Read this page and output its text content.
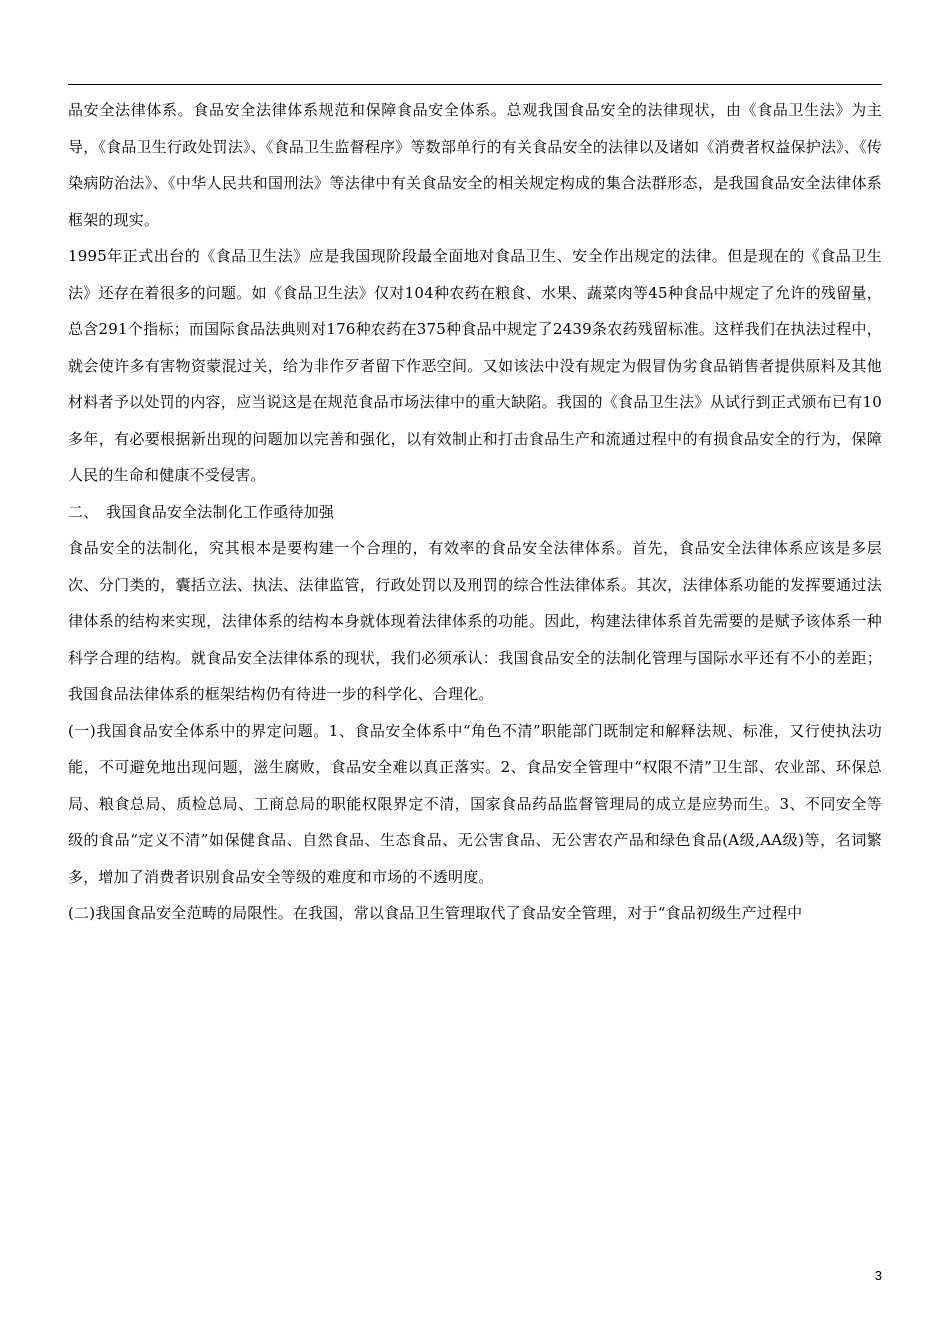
品安全法律体系。食品安全法律体系规范和保障食品安全体系。总观我国食品安全的法律现状，由《食品卫生法》为主导，《食品卫生行政处罚法》、《食品卫生监督程序》等数部单行的有关食品安全的法律以及诸如《消费者权益保护法》、《传染病防治法》、《中华人民共和国刑法》等法律中有关食品安全的相关规定构成的集合法群形态，是我国食品安全法律体系框架的现实。

1995年正式出台的《食品卫生法》应是我国现阶段最全面地对食品卫生、安全作出规定的法律。但是现在的《食品卫生法》还存在着很多的问题。如《食品卫生法》仅对104种农药在粮食、水果、蔬菜肉等45种食品中规定了允许的残留量，总含291个指标；而国际食品法典则对176种农药在375种食品中规定了2439条农药残留标准。这样我们在执法过程中，就会使许多有害物资蒙混过关，给为非作歹者留下作恶空间。又如该法中没有规定为假冒伪劣食品销售者提供原料及其他材料者予以处罚的内容，应当说这是在规范食品市场法律中的重大缺陷。我国的《食品卫生法》从试行到正式颁布已有10多年，有必要根据新出现的问题加以完善和强化，以有效制止和打击食品生产和流通过程中的有损食品安全的行为，保障人民的生命和健康不受侵害。

二、　我国食品安全法制化工作亟待加强

食品安全的法制化，究其根本是要构建一个合理的，有效率的食品安全法律体系。首先，食品安全法律体系应该是多层次、分门类的，囊括立法、执法、法律监管，行政处罚以及刑罚的综合性法律体系。其次，法律体系功能的发挥要通过法律体系的结构来实现，法律体系的结构本身就体现着法律体系的功能。因此，构建法律体系首先需要的是赋予该体系一种科学合理的结构。就食品安全法律体系的现状，我们必须承认：我国食品安全的法制化管理与国际水平还有不小的差距；我国食品法律体系的框架结构仍有待进一步的科学化、合理化。

(一)我国食品安全体系中的界定问题。1、食品安全体系中“角色不清”职能部门既制定和解释法规、标准，又行使执法功能，不可避免地出现问题，滋生腐败，食品安全难以真正落实。2、食品安全管理中“权限不清”卫生部、农业部、环保总局、粮食总局、质检总局、工商总局的职能权限界定不清，国家食品药品监督管理局的成立是应势而生。3、不同安全等级的食品“定义不清”如保健食品、自然食品、生态食品、无公害食品、无公害农产品和绿色食品(A级,AA级)等，名词繁多，增加了消费者识别食品安全等级的难度和市场的不透明度。

(二)我国食品安全范畴的局限性。在我国，常以食品卫生管理取代了食品安全管理，对于“食品初级生产过程中

3
